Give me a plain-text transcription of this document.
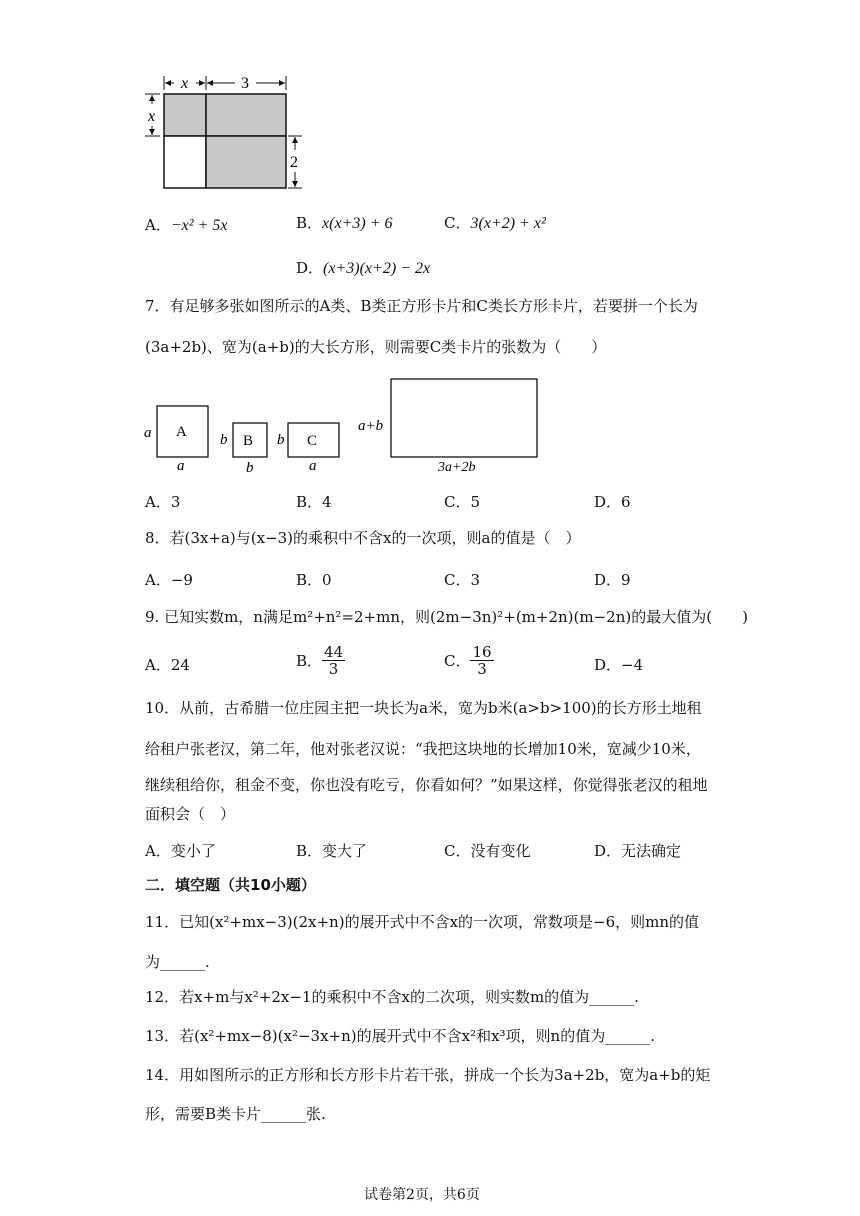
x	3
x
2
A．−x² + 5x	B．x(x+3) + 6	C．3(x+2) + x²
D．(x+3)(x+2) − 2x
7．有足够多张如图所示的A类、B类正方形卡片和C类长方形卡片，若要拼一个长为
(3a+2b)、宽为(a+b)的大长方形，则需要C类卡片的张数为（　　）
a A
a
b B
b
b C
a
a+b
3a+2b
A．3	B．4	C．5	D．6
8．若(3x+a)与(x−3)的乘积中不含x的一次项，则a的值是（　）
A．−9	B．0	C．3	D．9
9. 已知实数m，n满足m²+n²=2+mn，则(2m−3n)²+(m+2n)(m−2n)的最大值为(　　)
A．24	B． $\frac{44}{3}$	C． $\frac{16}{3}$	D．−4
10．从前，古希腊一位庄园主把一块长为a米，宽为b米(a>b>100)的长方形土地租
给租户张老汉，第二年，他对张老汉说：“我把这块地的长增加10米，宽减少10米，
继续租给你，租金不变，你也没有吃亏，你看如何？”如果这样，你觉得张老汉的租地
面积会（　）
A．变小了	B．变大了	C．没有变化	D．无法确定
二．填空题（共10小题）
11．已知(x²+mx−3)(2x+n)的展开式中不含x的一次项，常数项是−6，则mn的值
为______.
12．若x+m与x²+2x−1的乘积中不含x的二次项，则实数m的值为______.
13．若(x²+mx−8)(x²−3x+n)的展开式中不含x²和x³项，则n的值为______.
14．用如图所示的正方形和长方形卡片若干张，拼成一个长为3a+2b，宽为a+b的矩
形，需要B类卡片______张.
试卷第2页，共6页
